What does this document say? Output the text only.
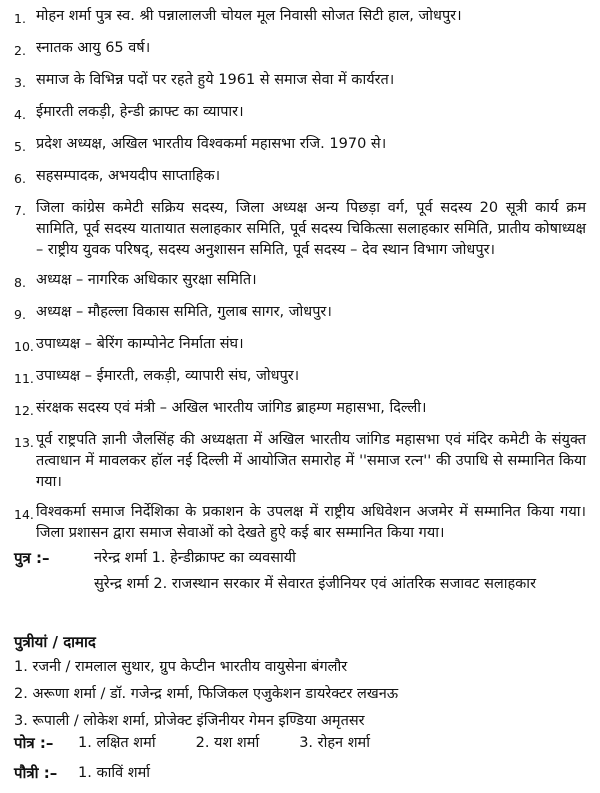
1. मोहन शर्मा पुत्र स्व. श्री पन्नालालजी चोयल मूल निवासी सोजत सिटी हाल, जोधपुर।
2. स्नातक आयु 65 वर्ष।
3. समाज के विभिन्न पदों पर रहते हुये 1961 से समाज सेवा में कार्यरत।
4. ईमारती लकड़ी, हेन्डी क्राफ्ट का व्यापार।
5. प्रदेश अध्यक्ष, अखिल भारतीय विश्वकर्मा महासभा रजि. 1970 से।
6. सहसम्पादक, अभयदीप साप्ताहिक।
7. जिला कांग्रेस कमेटी सक्रिय सदस्य, जिला अध्यक्ष अन्य पिछड़ा वर्ग, पूर्व सदस्य 20 सूत्री कार्य क्रम सामिति, पूर्व सदस्य यातायात सलाहकार समिति, पूर्व सदस्य चिकित्सा सलाहकार समिति, प्रातीय कोषाध्यक्ष – राष्ट्रीय युवक परिषद्, सदस्य अनुशासन समिति, पूर्व सदस्य – देव स्थान विभाग जोधपुर।
8. अध्यक्ष – नागरिक अधिकार सुरक्षा समिति।
9. अध्यक्ष – मौहल्ला विकास समिति, गुलाब सागर, जोधपुर।
10. उपाध्यक्ष – बेरिंग काम्पोनेट निर्माता संघ।
11. उपाध्यक्ष – ईमारती, लकड़ी, व्यापारी संघ, जोधपुर।
12. संरक्षक सदस्य एवं मंत्री – अखिल भारतीय जांगिड ब्राहम्ण महासभा, दिल्ली।
13. पूर्व राष्ट्रपति ज्ञानी जैलसिंह की अध्यक्षता में अखिल भारतीय जांगिड महासभा एवं मंदिर कमेटी के संयुक्त तत्वाधान में मावलकर हॉल नई दिल्ली में आयोजित समारोह में ''समाज रत्न'' की उपाधि से सम्मानित किया गया।
14. विश्वकर्मा समाज निर्देशिका के प्रकाशन के उपलक्ष में राष्ट्रीय अधिवेशन अजमेर में सम्मानित किया गया। जिला प्रशासन द्वारा समाज सेवाओं को देखते हुऐ कई बार सम्मानित किया गया।
पुत्र :–	नरेन्द्र शर्मा 1. हेन्डीक्राफ्ट का व्यवसायी
सुरेन्द्र शर्मा 2. राजस्थान सरकार में सेवारत इंजीनियर एवं आंतरिक सजावट सलाहकार
पुत्रीयां / दामाद
1. रजनी / रामलाल सुथार, ग्रुप केप्टीन भारतीय वायुसेना बंगलौर
2. अरूणा शर्मा / डॉ. गजेन्द्र शर्मा, फिजिकल एजुकेशन डायरेक्टर लखनऊ
3. रूपाली / लोकेश शर्मा, प्रोजेक्ट इंजिनीयर गेमन इण्डिया अमृतसर
पोत्र :–	1. लक्षित शर्मा	2. यश शर्मा	3. रोहन शर्मा
पौत्री :–	1. काविं शर्मा
